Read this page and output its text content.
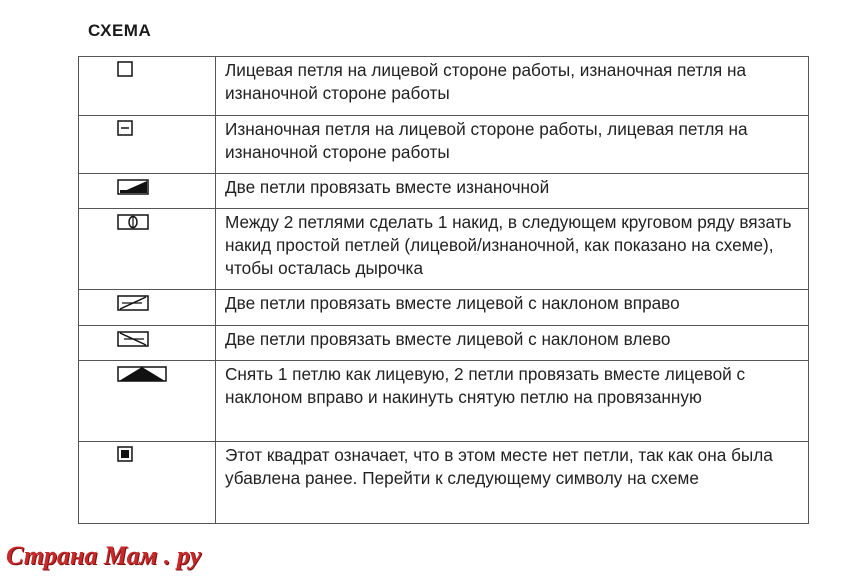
СХЕМА
	Лицевая петля на лицевой стороне работы, изнаночная петля на изнаночной стороне работы

	Изнаночная петля на лицевой стороне работы, лицевая петля на изнаночной стороне работы

	Две петли провязать вместе изнаночной

	Между 2 петлями сделать 1 накид, в следующем круговом ряду вязать накид простой петлей (лицевой/изнаночной, как показано на схеме), чтобы осталась дырочка

	Две петли провязать вместе лицевой с наклоном вправо

	Две петли провязать вместе лицевой с наклоном влево

	Снять 1 петлю как лицевую, 2 петли провязать вместе лицевой с наклоном вправо и накинуть снятую петлю на провязанную

	Этот квадрат означает, что в этом месте нет петли, так как она была убавлена ранее. Перейти к следующему символу на схеме
Страна Мам . ру
